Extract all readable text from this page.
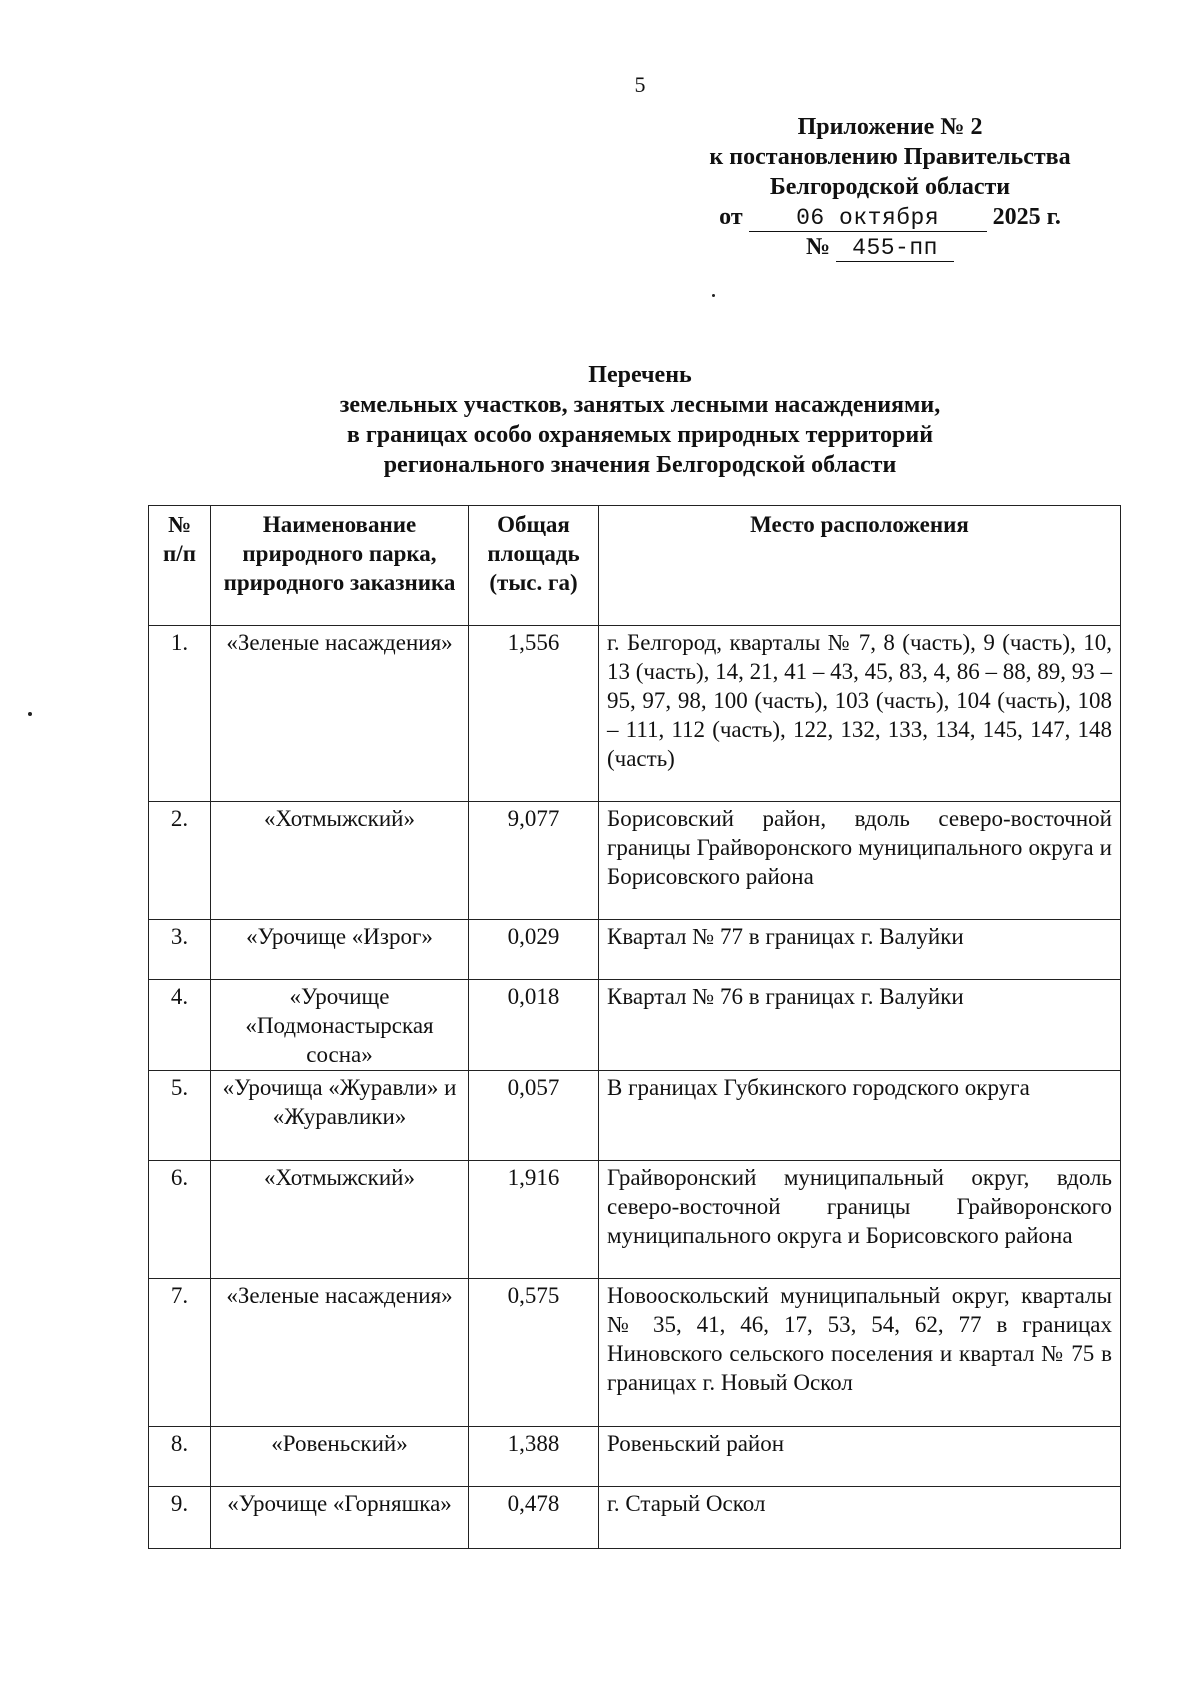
5
Приложение № 2
к постановлению Правительства
Белгородской области
от 06 октября 2025 г.
№ 455-пп
Перечень
земельных участков, занятых лесными насаждениями,
в границах особо охраняемых природных территорий
регионального значения Белгородской области
№ п/п	Наименование природного парка, природного заказника	Общая площадь (тыс. га)	Место расположения
1.	«Зеленые насаждения»	1,556	г. Белгород, кварталы № 7, 8 (часть), 9 (часть), 10, 13 (часть), 14, 21, 41 – 43, 45, 83, 4, 86 – 88, 89, 93 – 95, 97, 98, 100 (часть), 103 (часть), 104 (часть), 108 – 111, 112 (часть), 122, 132, 133, 134, 145, 147, 148 (часть)
2.	«Хотмыжский»	9,077	Борисовский район, вдоль северо-восточной границы Грайворонского муниципального округа и Борисовского района
3.	«Урочище «Изрог»	0,029	Квартал № 77 в границах г. Валуйки
4.	«Урочище «Подмонастырская сосна»	0,018	Квартал № 76 в границах г. Валуйки
5.	«Урочища «Журавли» и «Журавлики»	0,057	В границах Губкинского городского округа
6.	«Хотмыжский»	1,916	Грайворонский муниципальный округ, вдоль северо-восточной границы Грайворонского муниципального округа и Борисовского района
7.	«Зеленые насаждения»	0,575	Новооскольский муниципальный округ, кварталы № 35, 41, 46, 17, 53, 54, 62, 77 в границах Ниновского сельского поселения и квартал № 75 в границах г. Новый Оскол
8.	«Ровеньский»	1,388	Ровеньский район
9.	«Урочище «Горняшка»	0,478	г. Старый Оскол
